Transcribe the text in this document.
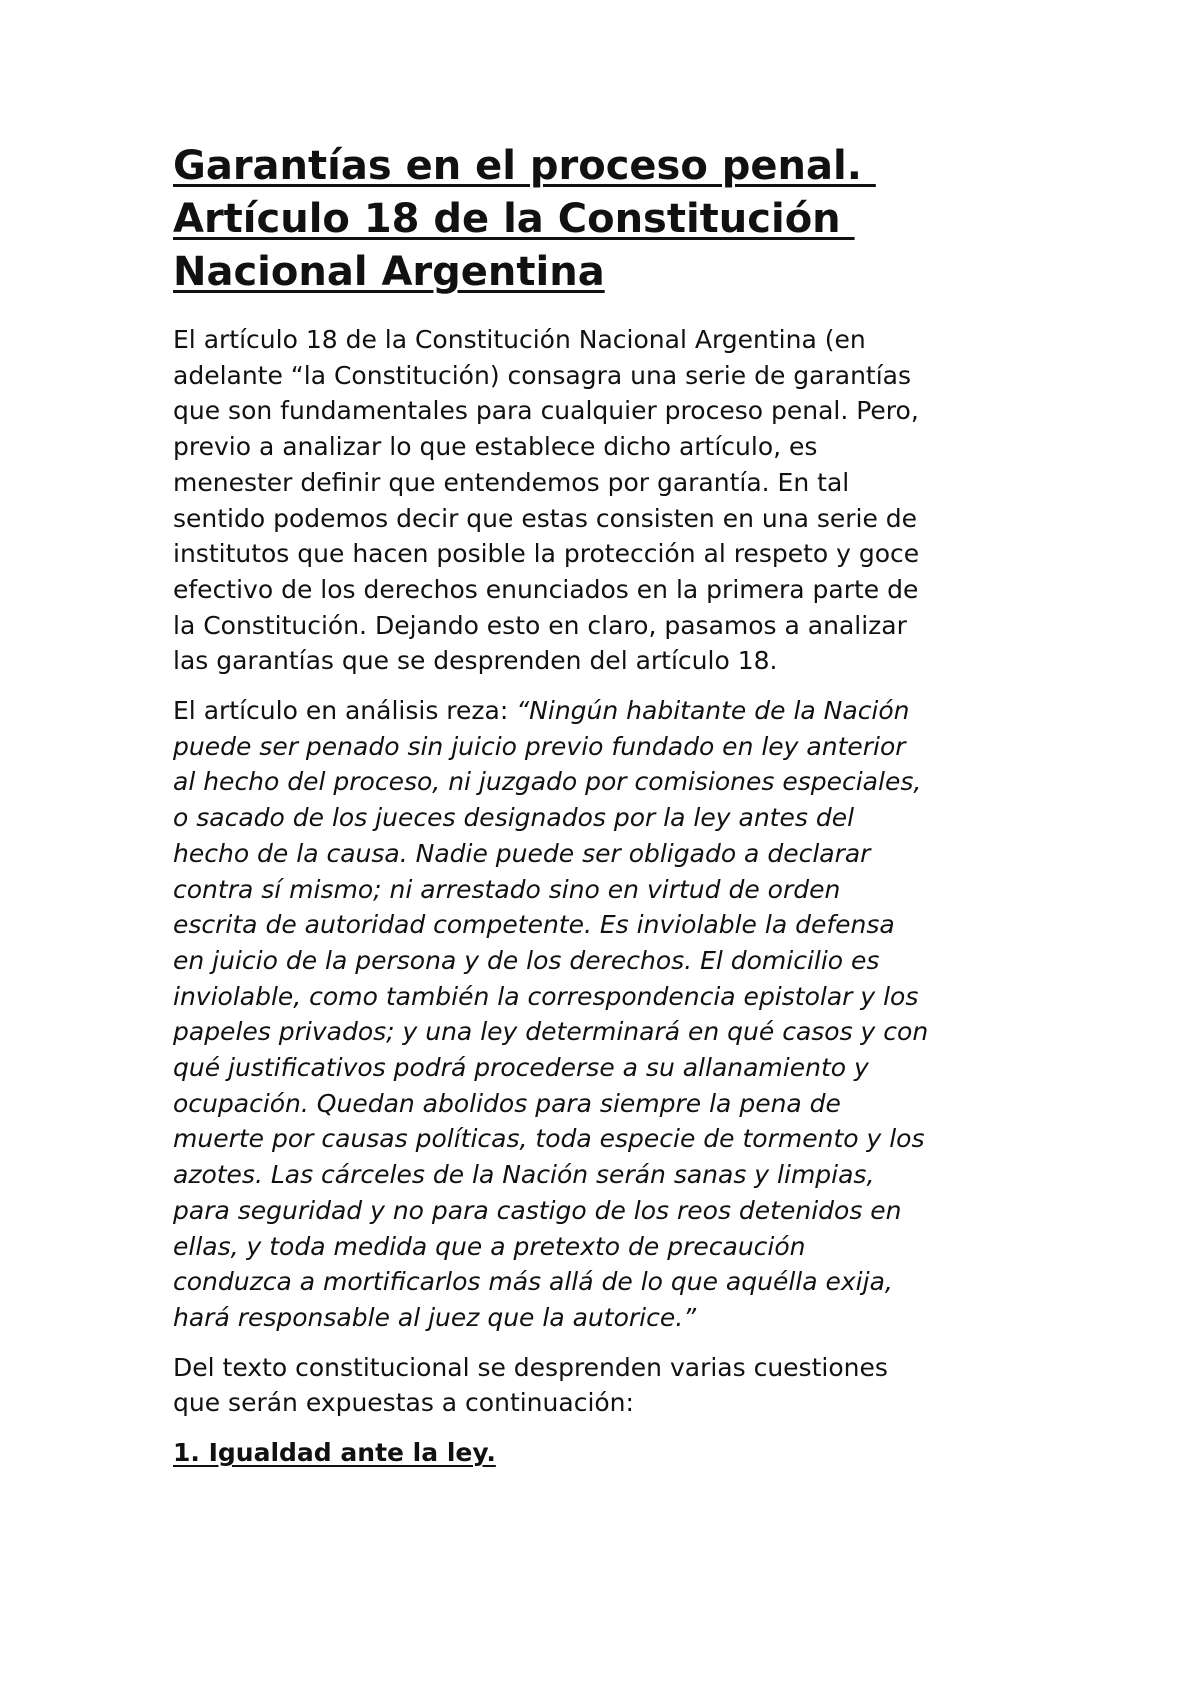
Garantías en el proceso penal.
Artículo 18 de la Constitución
Nacional Argentina

El artículo 18 de la Constitución Nacional Argentina (en
adelante “la Constitución) consagra una serie de garantías
que son fundamentales para cualquier proceso penal. Pero,
previo a analizar lo que establece dicho artículo, es
menester definir que entendemos por garantía. En tal
sentido podemos decir que estas consisten en una serie de
institutos que hacen posible la protección al respeto y goce
efectivo de los derechos enunciados en la primera parte de
la Constitución. Dejando esto en claro, pasamos a analizar
las garantías que se desprenden del artículo 18.

El artículo en análisis reza: “Ningún habitante de la Nación
puede ser penado sin juicio previo fundado en ley anterior
al hecho del proceso, ni juzgado por comisiones especiales,
o sacado de los jueces designados por la ley antes del
hecho de la causa. Nadie puede ser obligado a declarar
contra sí mismo; ni arrestado sino en virtud de orden
escrita de autoridad competente. Es inviolable la defensa
en juicio de la persona y de los derechos. El domicilio es
inviolable, como también la correspondencia epistolar y los
papeles privados; y una ley determinará en qué casos y con
qué justificativos podrá procederse a su allanamiento y
ocupación. Quedan abolidos para siempre la pena de
muerte por causas políticas, toda especie de tormento y los
azotes. Las cárceles de la Nación serán sanas y limpias,
para seguridad y no para castigo de los reos detenidos en
ellas, y toda medida que a pretexto de precaución
conduzca a mortificarlos más allá de lo que aquélla exija,
hará responsable al juez que la autorice.”

Del texto constitucional se desprenden varias cuestiones
que serán expuestas a continuación:

1. Igualdad ante la ley.
